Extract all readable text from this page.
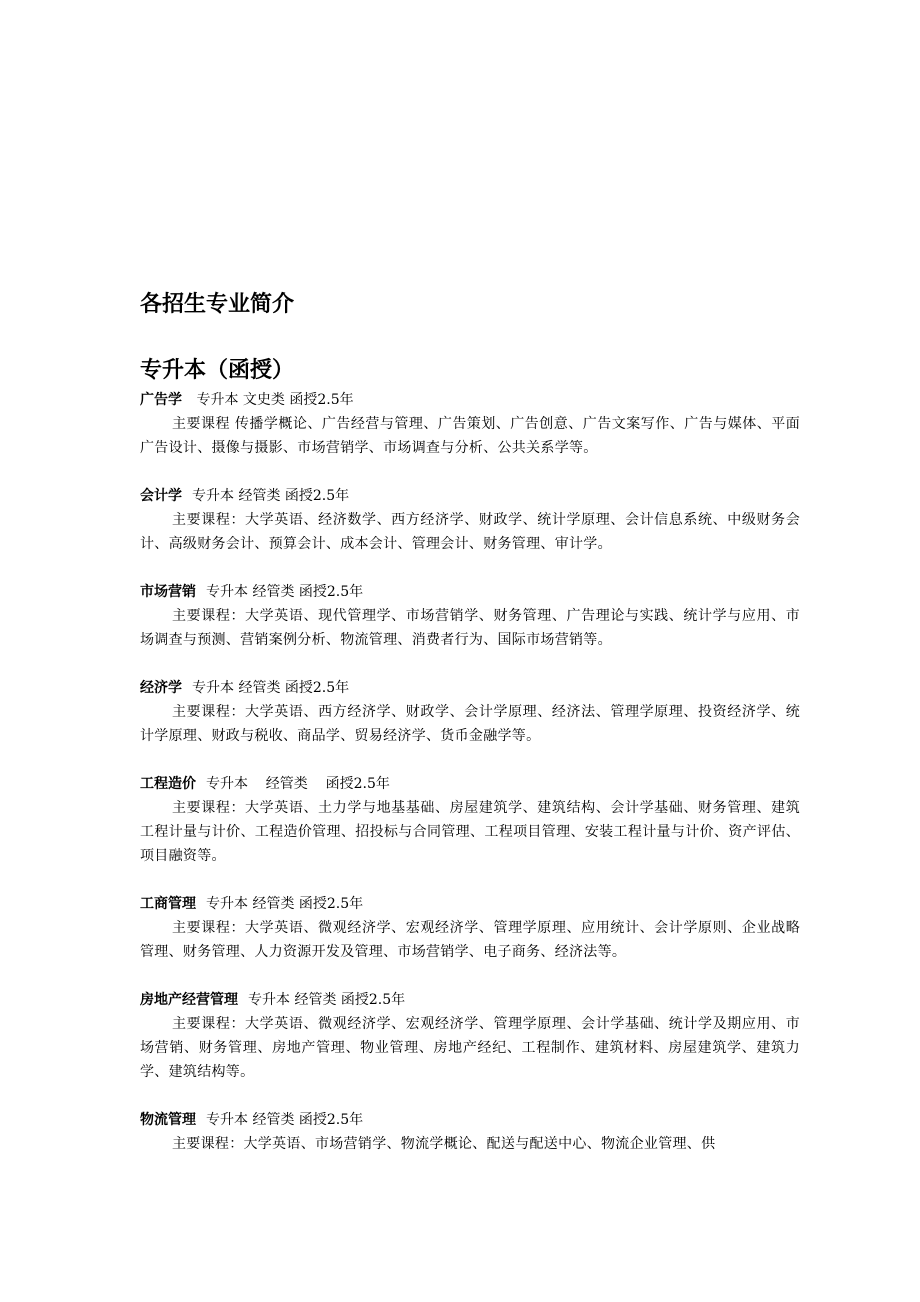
各招生专业简介
专升本（函授）
广告学 专升本 文史类 函授2.5年

主要课程 传播学概论、广告经营与管理、广告策划、广告创意、广告文案写作、广告与媒体、平面广告设计、摄像与摄影、市场营销学、市场调查与分析、公共关系学等。

会计学 专升本 经管类 函授2.5年

主要课程：大学英语、经济数学、西方经济学、财政学、统计学原理、会计信息系统、中级财务会计、高级财务会计、预算会计、成本会计、管理会计、财务管理、审计学。

市场营销 专升本 经管类 函授2.5年

主要课程：大学英语、现代管理学、市场营销学、财务管理、广告理论与实践、统计学与应用、市场调查与预测、营销案例分析、物流管理、消费者行为、国际市场营销等。

经济学 专升本 经管类 函授2.5年

主要课程：大学英语、西方经济学、财政学、会计学原理、经济法、管理学原理、投资经济学、统计学原理、财政与税收、商品学、贸易经济学、货币金融学等。

工程造价 专升本    经管类    函授2.5年

主要课程：大学英语、土力学与地基基础、房屋建筑学、建筑结构、会计学基础、财务管理、建筑工程计量与计价、工程造价管理、招投标与合同管理、工程项目管理、安装工程计量与计价、资产评估、项目融资等。

工商管理 专升本 经管类 函授2.5年

主要课程：大学英语、微观经济学、宏观经济学、管理学原理、应用统计、会计学原则、企业战略管理、财务管理、人力资源开发及管理、市场营销学、电子商务、经济法等。

房地产经营管理 专升本 经管类 函授2.5年

主要课程：大学英语、微观经济学、宏观经济学、管理学原理、会计学基础、统计学及期应用、市场营销、财务管理、房地产管理、物业管理、房地产经纪、工程制作、建筑材料、房屋建筑学、建筑力学、建筑结构等。

物流管理 专升本 经管类 函授2.5年

主要课程：大学英语、市场营销学、物流学概论、配送与配送中心、物流企业管理、供
